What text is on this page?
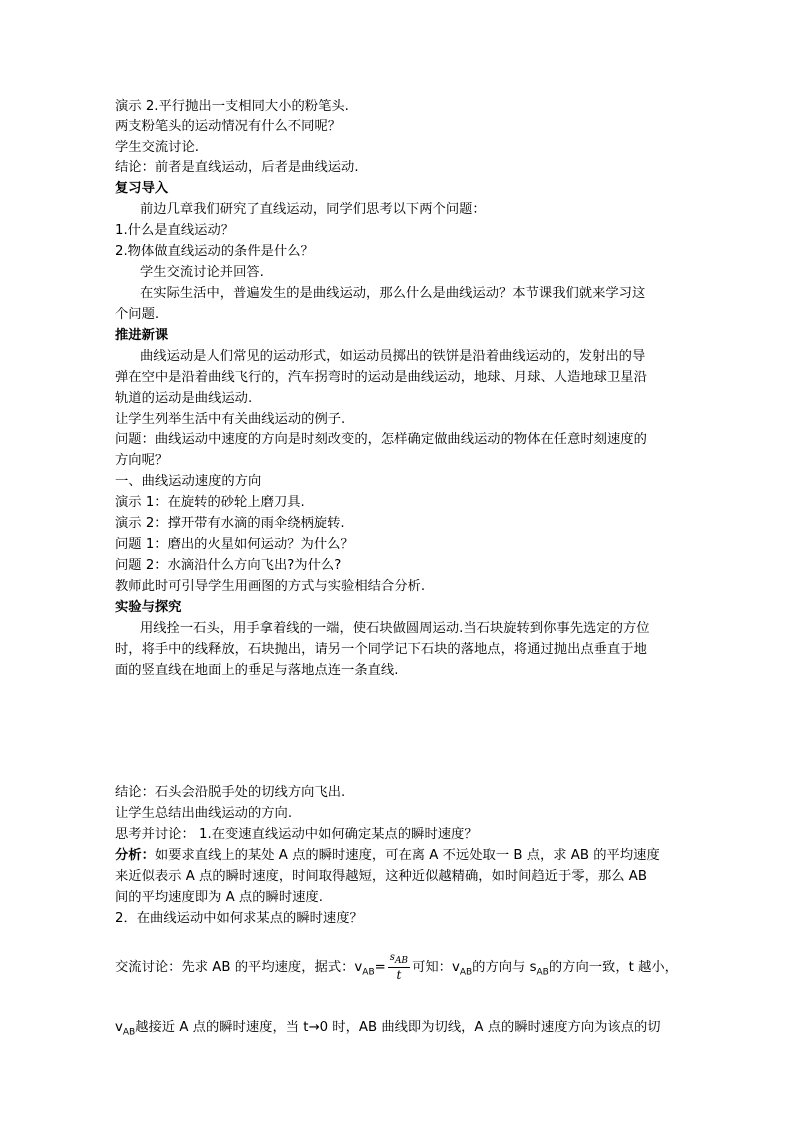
演示 2.平行抛出一支相同大小的粉笔头.
两支粉笔头的运动情况有什么不同呢？
学生交流讨论.
结论：前者是直线运动，后者是曲线运动.
复习导入
前边几章我们研究了直线运动，同学们思考以下两个问题：
1.什么是直线运动？
2.物体做直线运动的条件是什么？
学生交流讨论并回答.
在实际生活中，普遍发生的是曲线运动，那么什么是曲线运动？本节课我们就来学习这
个问题.
推进新课
曲线运动是人们常见的运动形式，如运动员掷出的铁饼是沿着曲线运动的，发射出的导
弹在空中是沿着曲线飞行的，汽车拐弯时的运动是曲线运动，地球、月球、人造地球卫星沿
轨道的运动是曲线运动.
让学生列举生活中有关曲线运动的例子.
问题：曲线运动中速度的方向是时刻改变的，怎样确定做曲线运动的物体在任意时刻速度的
方向呢？
一、曲线运动速度的方向
演示 1：在旋转的砂轮上磨刀具.
演示 2：撑开带有水滴的雨伞绕柄旋转.
问题 1：磨出的火星如何运动？为什么？
问题 2：水滴沿什么方向飞出?为什么?
教师此时可引导学生用画图的方式与实验相结合分析.
实验与探究
用线拴一石头，用手拿着线的一端，使石块做圆周运动.当石块旋转到你事先选定的方位
时，将手中的线释放，石块抛出，请另一个同学记下石块的落地点，将通过抛出点垂直于地
面的竖直线在地面上的垂足与落地点连一条直线.
结论：石头会沿脱手处的切线方向飞出.
让学生总结出曲线运动的方向.
思考并讨论： 1.在变速直线运动中如何确定某点的瞬时速度？
分析：如要求直线上的某处 A 点的瞬时速度，可在离 A 不远处取一 B 点，求 AB 的平均速度
来近似表示 A 点的瞬时速度，时间取得越短，这种近似越精确，如时间趋近于零，那么 AB
间的平均速度即为 A 点的瞬时速度.
2．在曲线运动中如何求某点的瞬时速度？
交流讨论：先求 AB 的平均速度，据式：$v_{AB}= \frac{s_{AB}}{t}$ 可知：$v_{AB}$的方向与 $s_{AB}$的方向一致，t 越小，
$v_{AB}$越接近 A 点的瞬时速度，当 t→0 时，AB 曲线即为切线，A 点的瞬时速度方向为该点的切
